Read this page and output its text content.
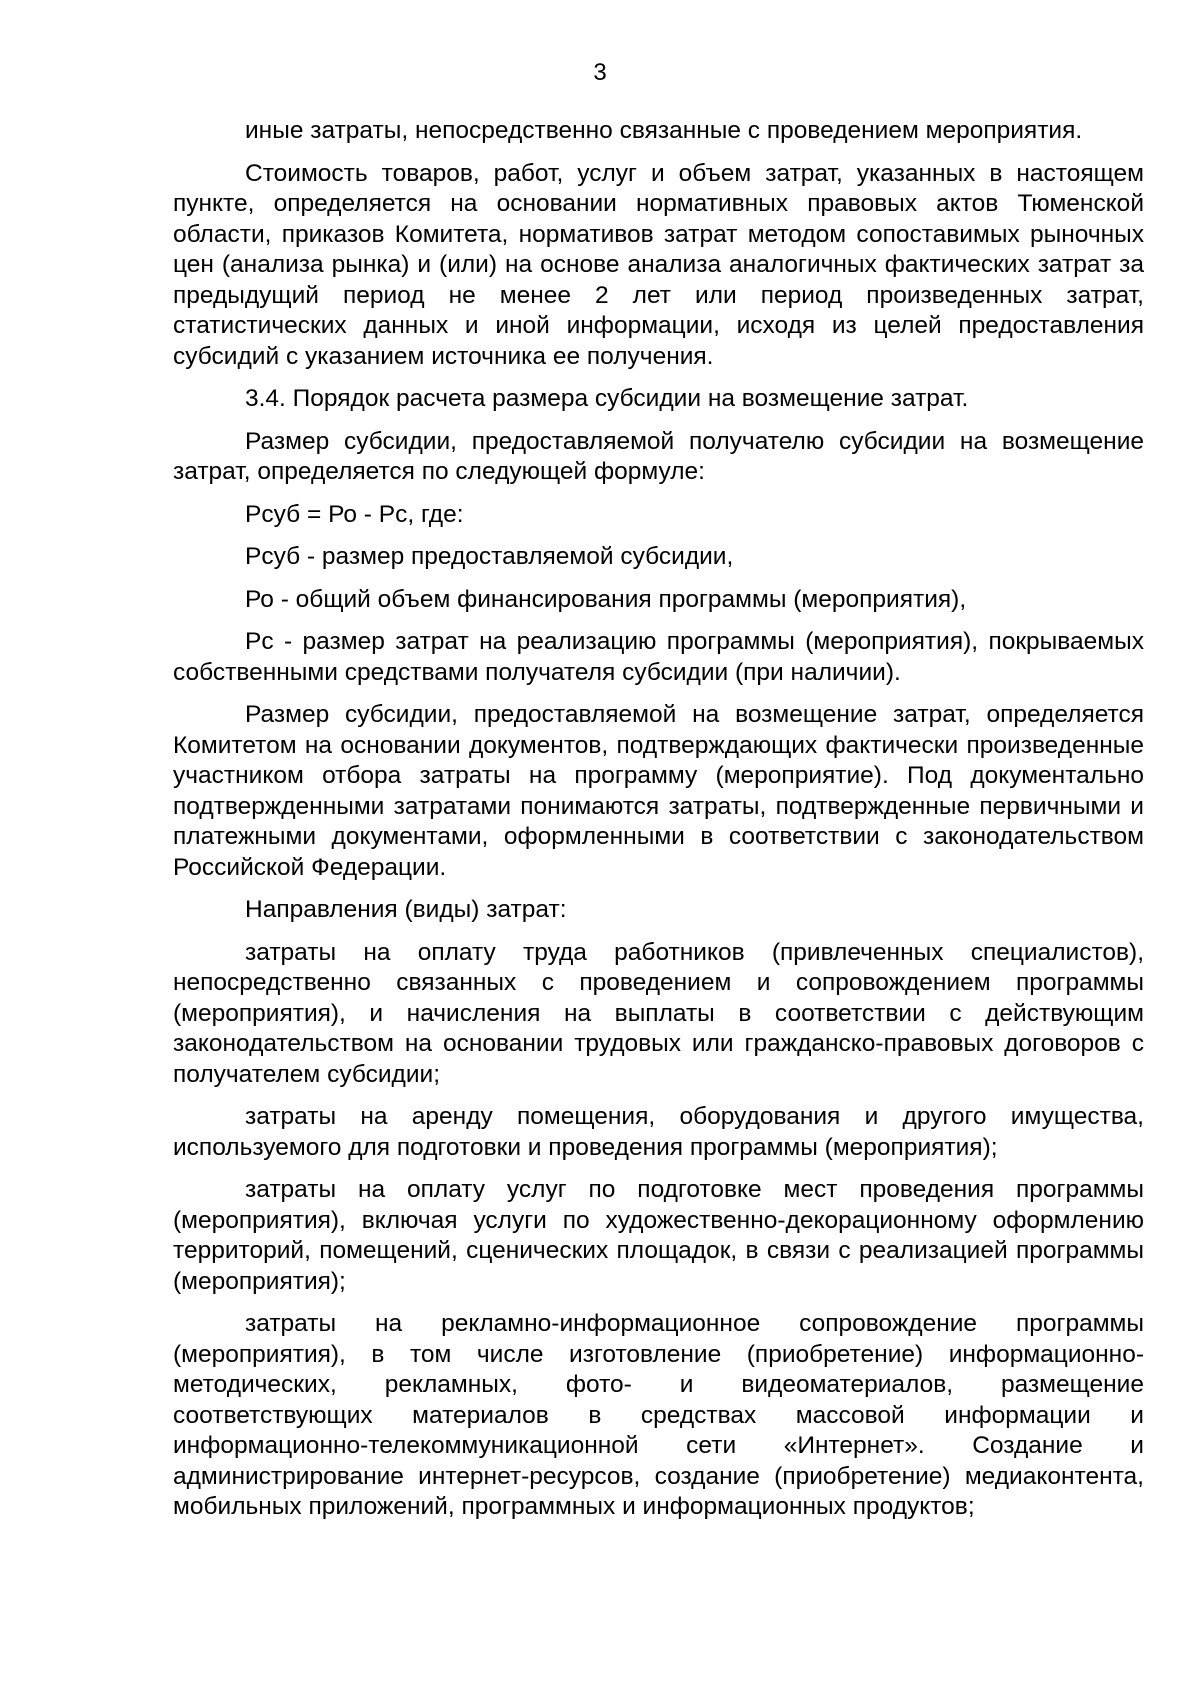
3

иные затраты, непосредственно связанные с проведением мероприятия.

Стоимость товаров, работ, услуг и объем затрат, указанных в настоящем пункте, определяется на основании нормативных правовых актов Тюменской области, приказов Комитета, нормативов затрат методом сопоставимых рыночных цен (анализа рынка) и (или) на основе анализа аналогичных фактических затрат за предыдущий период не менее 2 лет или период произведенных затрат, статистических данных и иной информации, исходя из целей предоставления субсидий с указанием источника ее получения.

3.4. Порядок расчета размера субсидии на возмещение затрат.

Размер субсидии, предоставляемой получателю субсидии на возмещение затрат, определяется по следующей формуле:

Рсуб = Ро - Рс, где:

Рсуб - размер предоставляемой субсидии,

Ро - общий объем финансирования программы (мероприятия),

Рс - размер затрат на реализацию программы (мероприятия), покрываемых собственными средствами получателя субсидии (при наличии).

Размер субсидии, предоставляемой на возмещение затрат, определяется Комитетом на основании документов, подтверждающих фактически произведенные участником отбора затраты на программу (мероприятие). Под документально подтвержденными затратами понимаются затраты, подтвержденные первичными и платежными документами, оформленными в соответствии с законодательством Российской Федерации.

Направления (виды) затрат:

затраты на оплату труда работников (привлеченных специалистов), непосредственно связанных с проведением и сопровождением программы (мероприятия), и начисления на выплаты в соответствии с действующим законодательством на основании трудовых или гражданско-правовых договоров с получателем субсидии;

затраты на аренду помещения, оборудования и другого имущества, используемого для подготовки и проведения программы (мероприятия);

затраты на оплату услуг по подготовке мест проведения программы (мероприятия), включая услуги по художественно-декорационному оформлению территорий, помещений, сценических площадок, в связи с реализацией программы (мероприятия);

затраты на рекламно-информационное сопровождение программы (мероприятия), в том числе изготовление (приобретение) информационно-методических, рекламных, фото- и видеоматериалов, размещение соответствующих материалов в средствах массовой информации и информационно-телекоммуникационной сети «Интернет». Создание и администрирование интернет-ресурсов, создание (приобретение) медиаконтента, мобильных приложений, программных и информационных продуктов;
